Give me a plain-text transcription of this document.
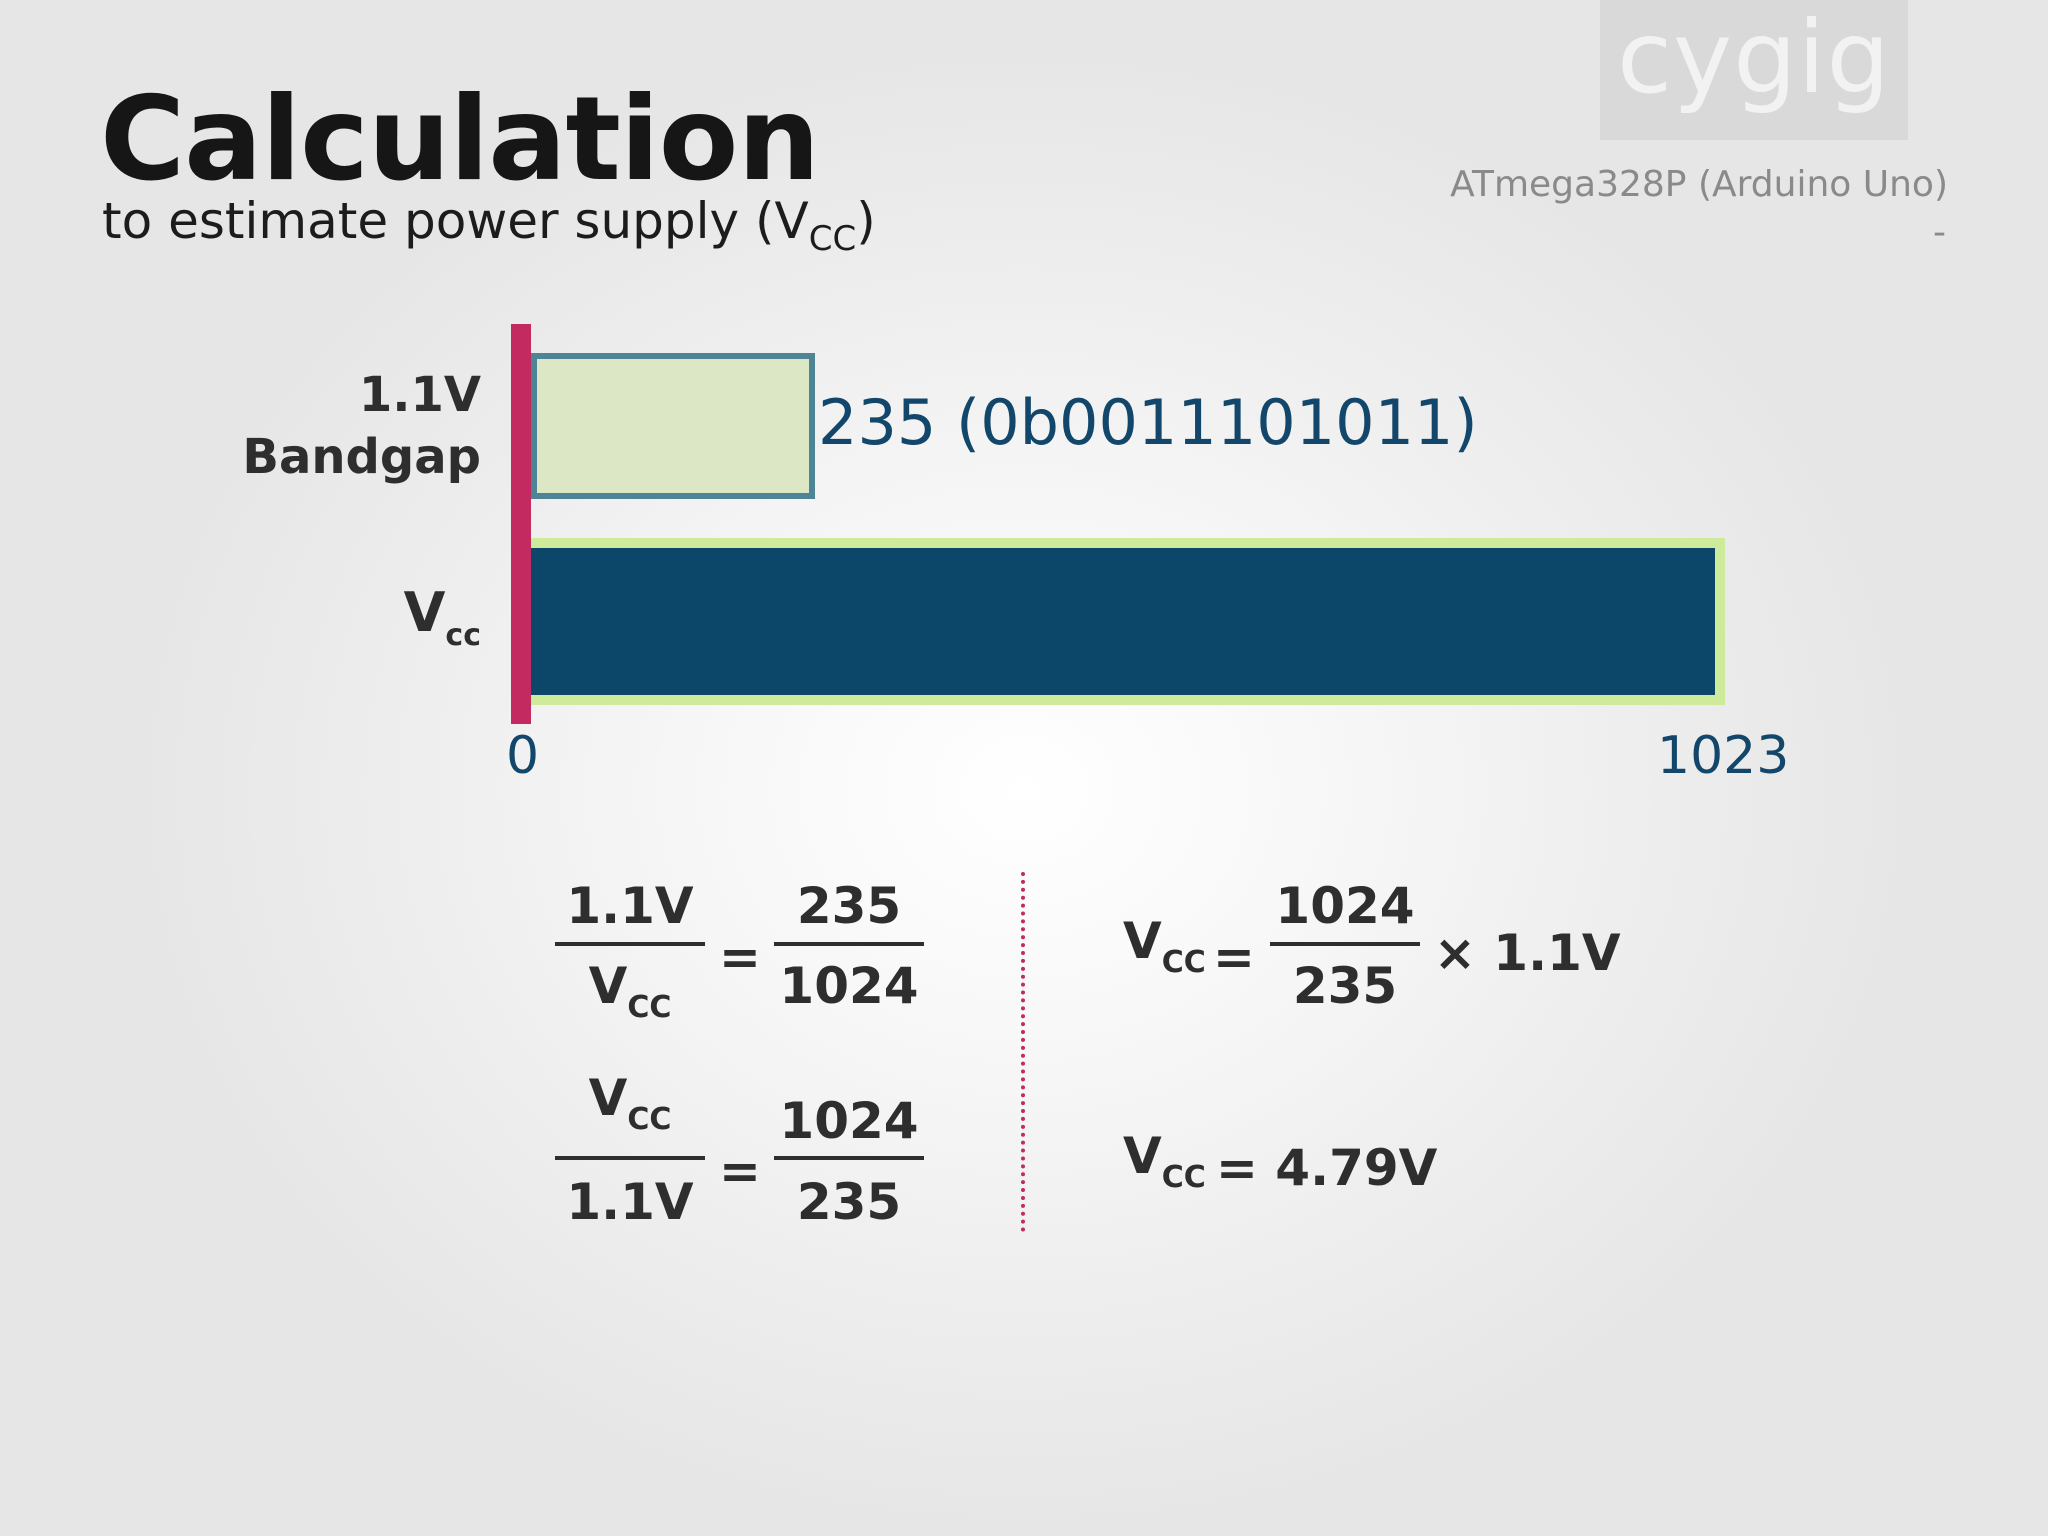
Calculation
to estimate power supply $(V_{CC})$
cygig
ATmega328P (Arduino Uno)
-
1.1V
Bandgap
$V_{cc}$
235 (0b0011101011)
0	1023
1.1V
$V_{CC}$
=
235
1024
$V_{CC}$
1.1V
=
1024
235
$V_{CC}$ =
1024
235
× 1.1V
$V_{CC} = 4.79V$
